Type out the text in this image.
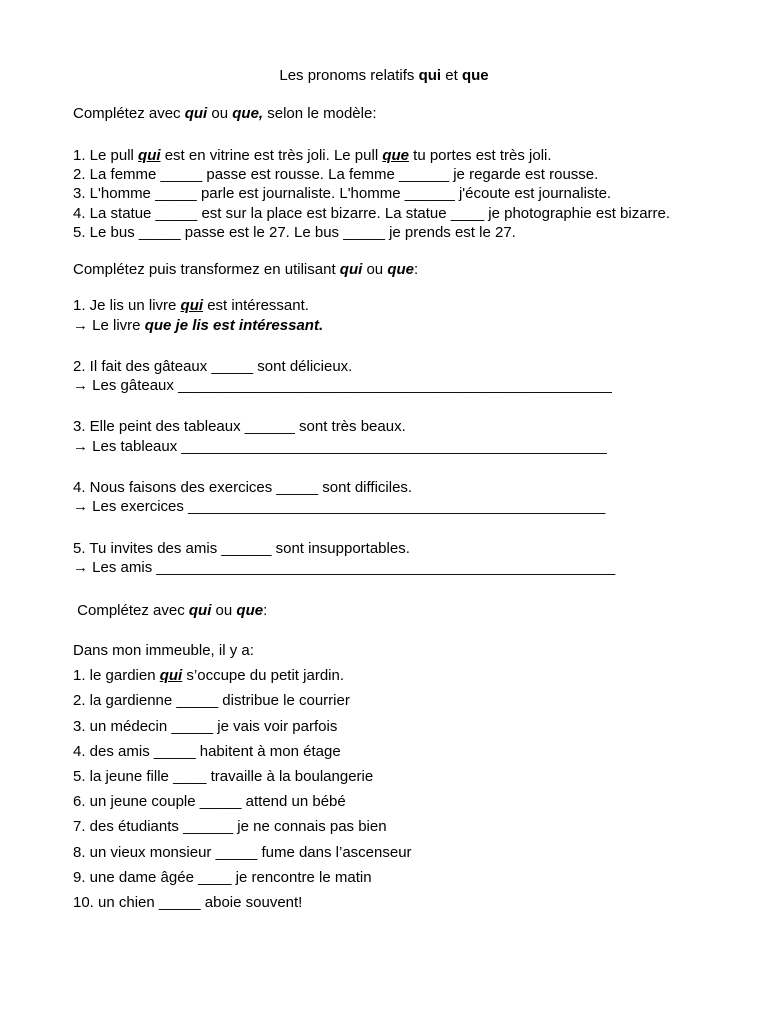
Les pronoms relatifs qui et que
Complétez avec qui ou que, selon le modèle:
1. Le pull qui est en vitrine est très joli. Le pull que tu portes est très joli.
2. La femme _____ passe est rousse. La femme ______ je regarde est rousse.
3. L'homme _____ parle est journaliste. L'homme ______ j'écoute est journaliste.
4. La statue _____ est sur la place est bizarre. La statue ____ je photographie est bizarre.
5. Le bus _____ passe est le 27. Le bus _____ je prends est le 27.
Complétez puis transformez en utilisant qui ou que:
1. Je lis un livre qui est intéressant.
→ Le livre que je lis est intéressant.
2. Il fait des gâteaux _____ sont délicieux.
→ Les gâteaux ____________________________________________________
3. Elle peint des tableaux ______ sont très beaux.
→ Les tableaux ___________________________________________________
4. Nous faisons des exercices _____ sont difficiles.
→ Les exercices __________________________________________________
5. Tu invites des amis ______ sont insupportables.
→ Les amis _______________________________________________________
Complétez avec qui ou que:
Dans mon immeuble, il y a:
1. le gardien qui s’occupe du petit jardin.
2. la gardienne _____ distribue le courrier
3. un médecin _____ je vais voir parfois
4. des amis _____ habitent à mon étage
5. la jeune fille ____ travaille à la boulangerie
6. un jeune couple _____ attend un bébé
7. des étudiants ______ je ne connais pas bien
8. un vieux monsieur _____ fume dans l’ascenseur
9. une dame âgée ____ je rencontre le matin
10. un chien _____ aboie souvent!
